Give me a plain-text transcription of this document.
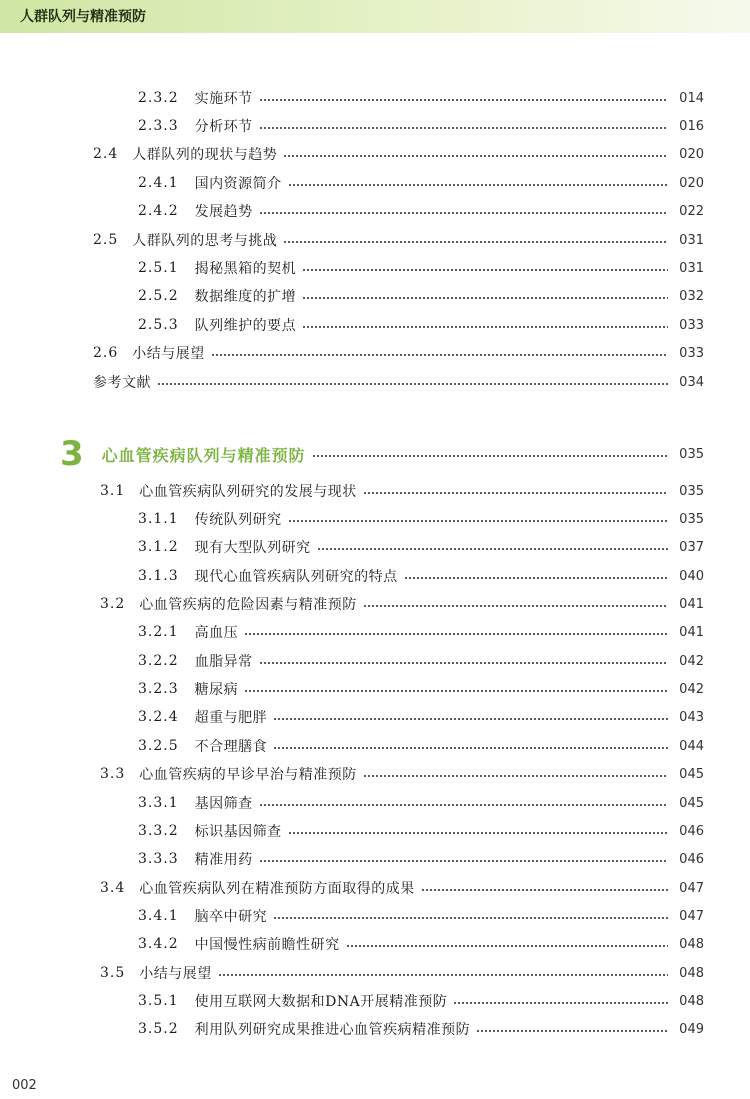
人群队列与精准预防
2.3.2 实施环节	014
2.3.3 分析环节	016
2.4 人群队列的现状与趋势	020
2.4.1 国内资源简介	020
2.4.2 发展趋势	022
2.5 人群队列的思考与挑战	031
2.5.1 揭秘黑箱的契机	031
2.5.2 数据维度的扩增	032
2.5.3 队列维护的要点	033
2.6 小结与展望	033
参考文献	034
3 心血管疾病队列与精准预防	035
3.1 心血管疾病队列研究的发展与现状	035
3.1.1 传统队列研究	035
3.1.2 现有大型队列研究	037
3.1.3 现代心血管疾病队列研究的特点	040
3.2 心血管疾病的危险因素与精准预防	041
3.2.1 高血压	041
3.2.2 血脂异常	042
3.2.3 糖尿病	042
3.2.4 超重与肥胖	043
3.2.5 不合理膳食	044
3.3 心血管疾病的早诊早治与精准预防	045
3.3.1 基因筛查	045
3.3.2 标识基因筛查	046
3.3.3 精准用药	046
3.4 心血管疾病队列在精准预防方面取得的成果	047
3.4.1 脑卒中研究	047
3.4.2 中国慢性病前瞻性研究	048
3.5 小结与展望	048
3.5.1 使用互联网大数据和DNA开展精准预防	048
3.5.2 利用队列研究成果推进心血管疾病精准预防	049
002
